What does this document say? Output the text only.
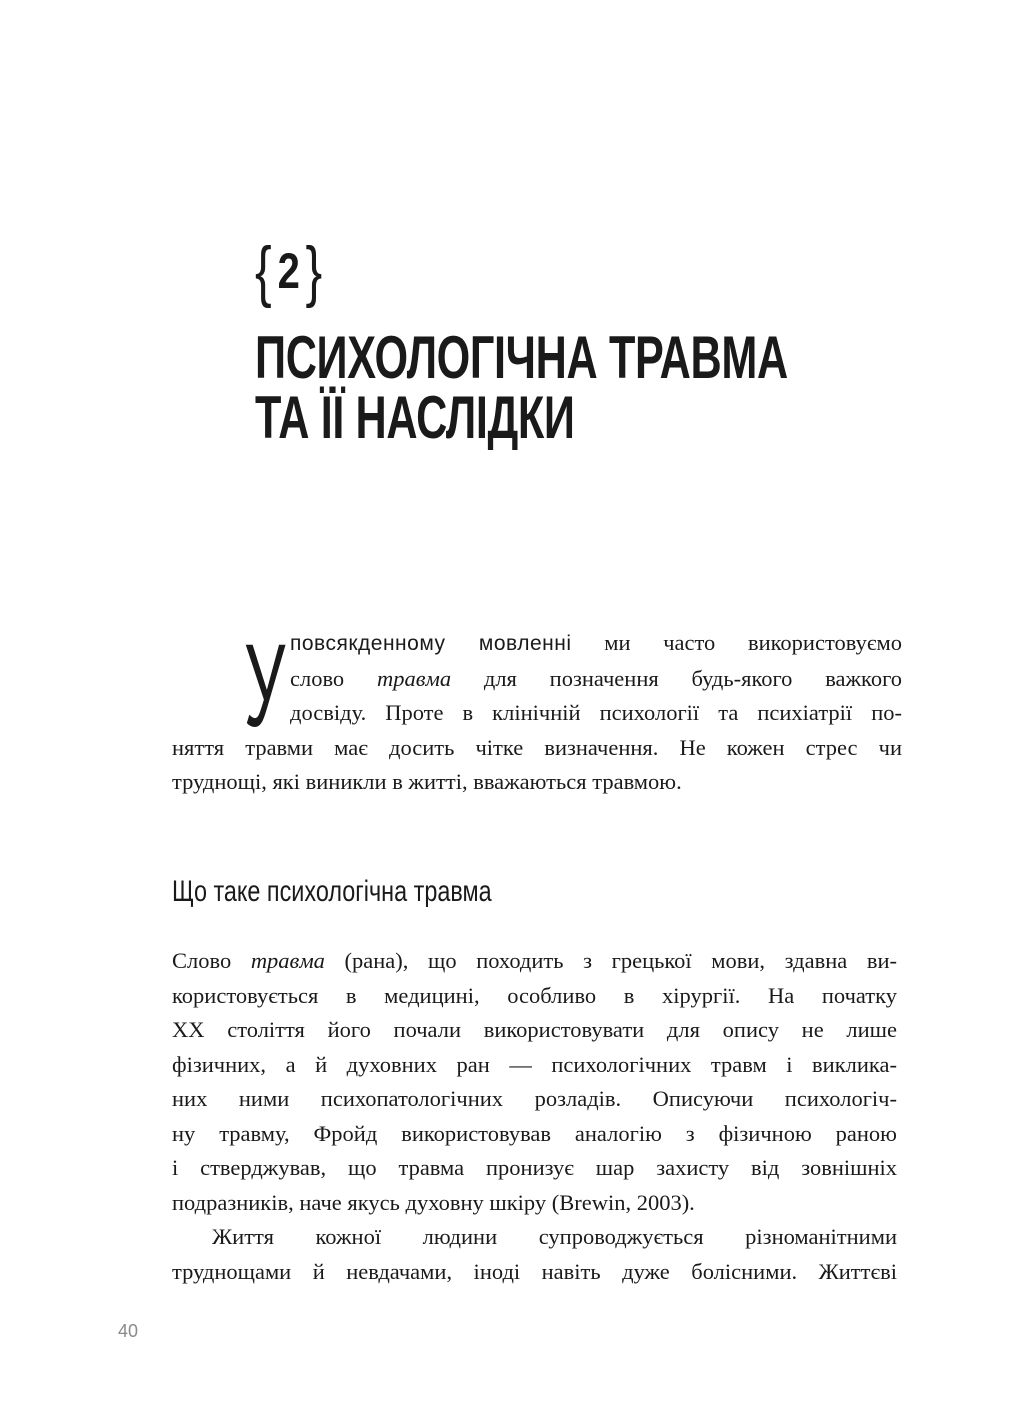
{ 2 }
ПСИХОЛОГІЧНА ТРАВМА
ТА ЇЇ НАСЛІДКИ
У повсякденному мовленні ми часто використовуємо

слово травма для позначення будь-якого важкого

досвіду. Проте в клінічній психології та психіатрії по-

няття травми має досить чітке визначення. Не кожен стрес чи

труднощі, які виникли в житті, вважаються травмою.

Що таке психологічна травма

Слово травма (рана), що походить з грецької мови, здавна ви-

користовується в медицині, особливо в хірургії. На початку

XX століття його почали використовувати для опису не лише

фізичних, а й духовних ран — психологічних травм і виклика-

них ними психопатологічних розладів. Описуючи психологіч-

ну травму, Фройд використовував аналогію з фізичною раною

і стверджував, що травма пронизує шар захисту від зовнішніх

подразників, наче якусь духовну шкіру (Brewin, 2003).

Життя кожної людини супроводжується різноманітними

труднощами й невдачами, іноді навіть дуже болісними. Життєві

40
